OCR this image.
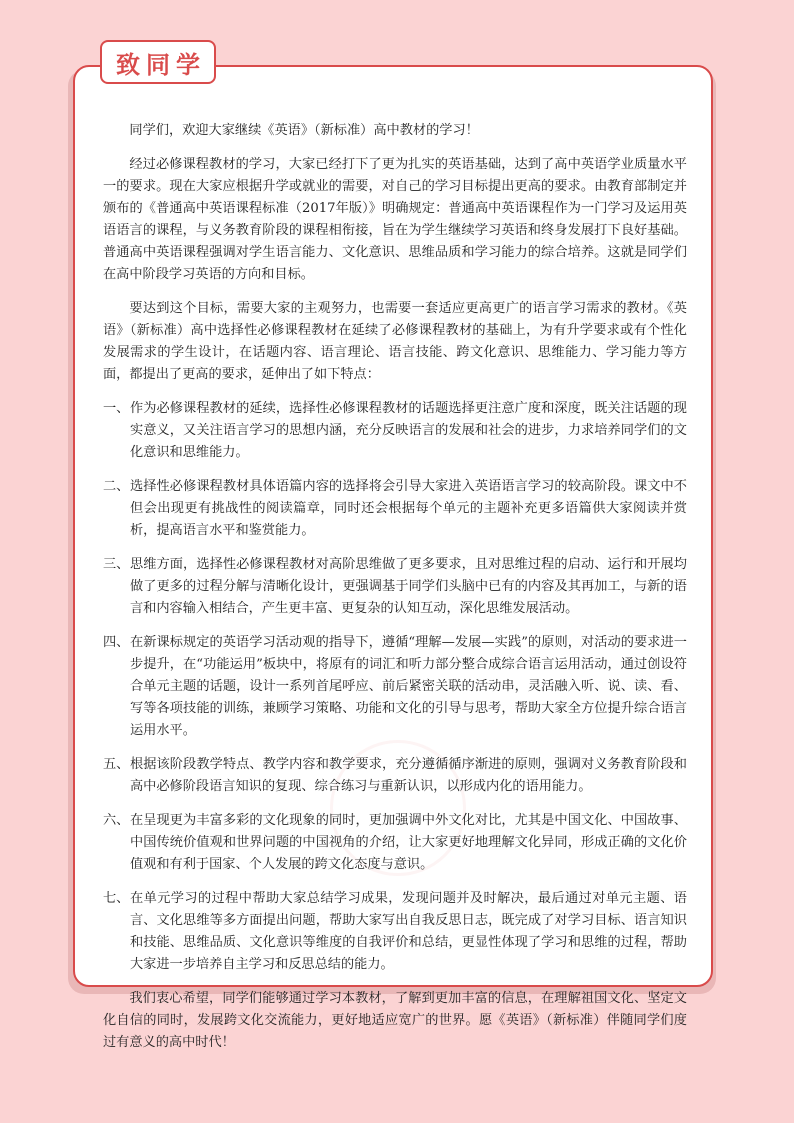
致同学

同学们，欢迎大家继续《英语》（新标准）高中教材的学习！

经过必修课程教材的学习，大家已经打下了更为扎实的英语基础，达到了高中英语学业质量水平一的要求。现在大家应根据升学或就业的需要，对自己的学习目标提出更高的要求。由教育部制定并颁布的《普通高中英语课程标准（2017年版）》明确规定：普通高中英语课程作为一门学习及运用英语语言的课程，与义务教育阶段的课程相衔接，旨在为学生继续学习英语和终身发展打下良好基础。普通高中英语课程强调对学生语言能力、文化意识、思维品质和学习能力的综合培养。这就是同学们在高中阶段学习英语的方向和目标。

要达到这个目标，需要大家的主观努力，也需要一套适应更高更广的语言学习需求的教材。《英语》（新标准）高中选择性必修课程教材在延续了必修课程教材的基础上，为有升学要求或有个性化发展需求的学生设计，在话题内容、语言理论、语言技能、跨文化意识、思维能力、学习能力等方面，都提出了更高的要求，延伸出了如下特点：

一、 作为必修课程教材的延续，选择性必修课程教材的话题选择更注意广度和深度，既关注话题的现实意义，又关注语言学习的思想内涵，充分反映语言的发展和社会的进步，力求培养同学们的文化意识和思维能力。
二、 选择性必修课程教材具体语篇内容的选择将会引导大家进入英语语言学习的较高阶段。课文中不但会出现更有挑战性的阅读篇章，同时还会根据每个单元的主题补充更多语篇供大家阅读并赏析，提高语言水平和鉴赏能力。
三、 思维方面，选择性必修课程教材对高阶思维做了更多要求，且对思维过程的启动、运行和开展均做了更多的过程分解与清晰化设计，更强调基于同学们头脑中已有的内容及其再加工，与新的语言和内容输入相结合，产生更丰富、更复杂的认知互动，深化思维发展活动。
四、 在新课标规定的英语学习活动观的指导下，遵循“理解—发展—实践”的原则，对活动的要求进一步提升，在“功能运用”板块中，将原有的词汇和听力部分整合成综合语言运用活动，通过创设符合单元主题的话题，设计一系列首尾呼应、前后紧密关联的活动串，灵活融入听、说、读、看、写等各项技能的训练，兼顾学习策略、功能和文化的引导与思考，帮助大家全方位提升综合语言运用水平。
五、 根据该阶段教学特点、教学内容和教学要求，充分遵循循序渐进的原则，强调对义务教育阶段和高中必修阶段语言知识的复现、综合练习与重新认识，以形成内化的语用能力。
六、 在呈现更为丰富多彩的文化现象的同时，更加强调中外文化对比，尤其是中国文化、中国故事、中国传统价值观和世界问题的中国视角的介绍，让大家更好地理解文化异同，形成正确的文化价值观和有利于国家、个人发展的跨文化态度与意识。
七、 在单元学习的过程中帮助大家总结学习成果，发现问题并及时解决，最后通过对单元主题、语言、文化思维等多方面提出问题，帮助大家写出自我反思日志，既完成了对学习目标、语言知识和技能、思维品质、文化意识等维度的自我评价和总结，更显性体现了学习和思维的过程，帮助大家进一步培养自主学习和反思总结的能力。

我们衷心希望，同学们能够通过学习本教材，了解到更加丰富的信息，在理解祖国文化、坚定文化自信的同时，发展跨文化交流能力，更好地适应宽广的世界。愿《英语》（新标准）伴随同学们度过有意义的高中时代！
